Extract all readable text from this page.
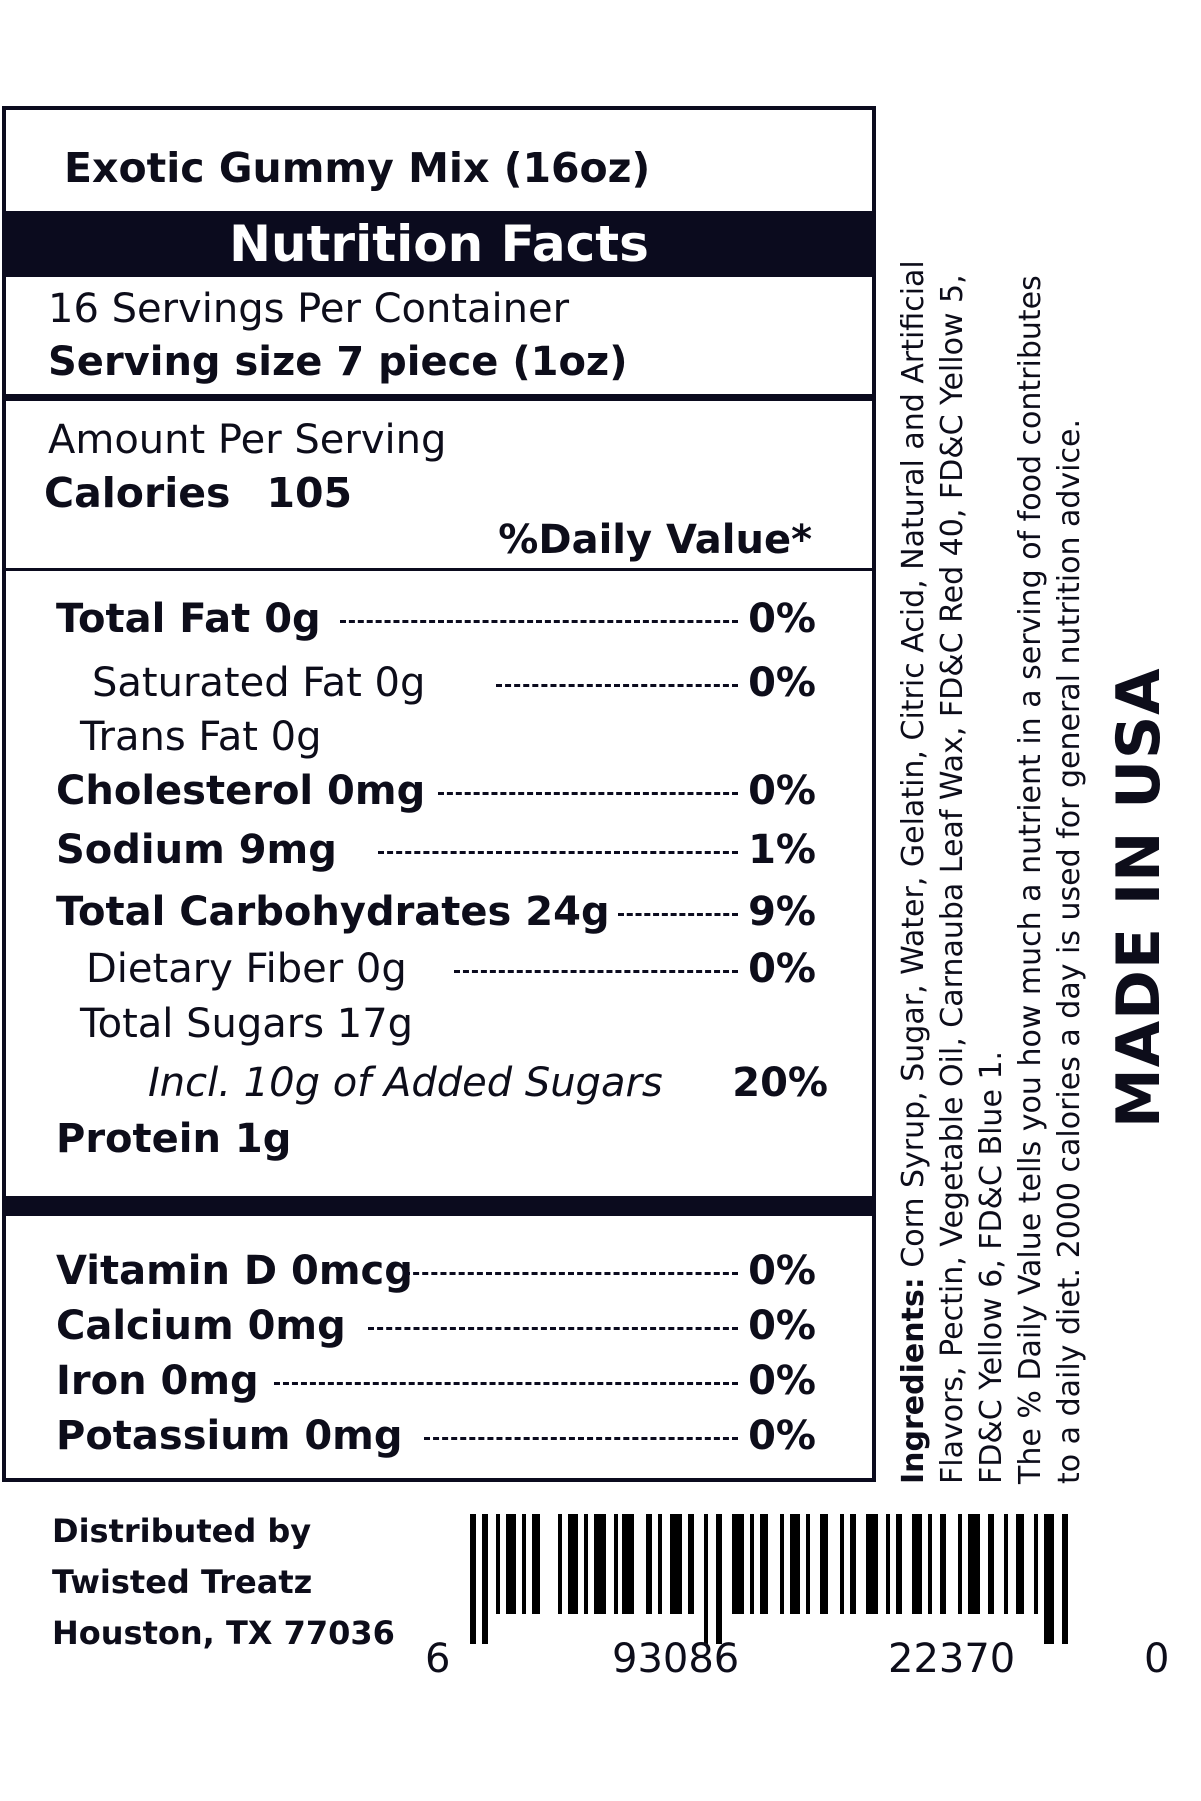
Exotic Gummy Mix (16oz)
Nutrition Facts
16 Servings Per Container
Serving size 7 piece (1oz)
Amount Per Serving
Calories 105
%Daily Value*
Total Fat 0g	0%
Saturated Fat 0g	0%
Trans Fat 0g
Cholesterol 0mg	0%
Sodium 9mg	1%
Total Carbohydrates 24g	9%
Dietary Fiber 0g	0%
Total Sugars 17g
Incl. 10g of Added Sugars 20%
Protein 1g
Vitamin D 0mcg	0%
Calcium 0mg	0%
Iron 0mg	0%
Potassium 0mg	0%	Ingredients: Corn Syrup, Sugar, Water, Gelatin, Citric Acid, Natural and Artificial Flavors, Pectin, Vegetable Oil, Carnauba Leaf Wax, FD&C Red 40, FD&C Yellow 5, FD&C Yellow 6, FD&C Blue 1. The % Daily Value tells you how much a nutrient in a serving of food contributes to a daily diet. 2000 calories a day is used for general nutrition advice. MADE IN USA
Distributed by
Twisted Treatz
Houston, TX 77036
6	93086	22370	0
